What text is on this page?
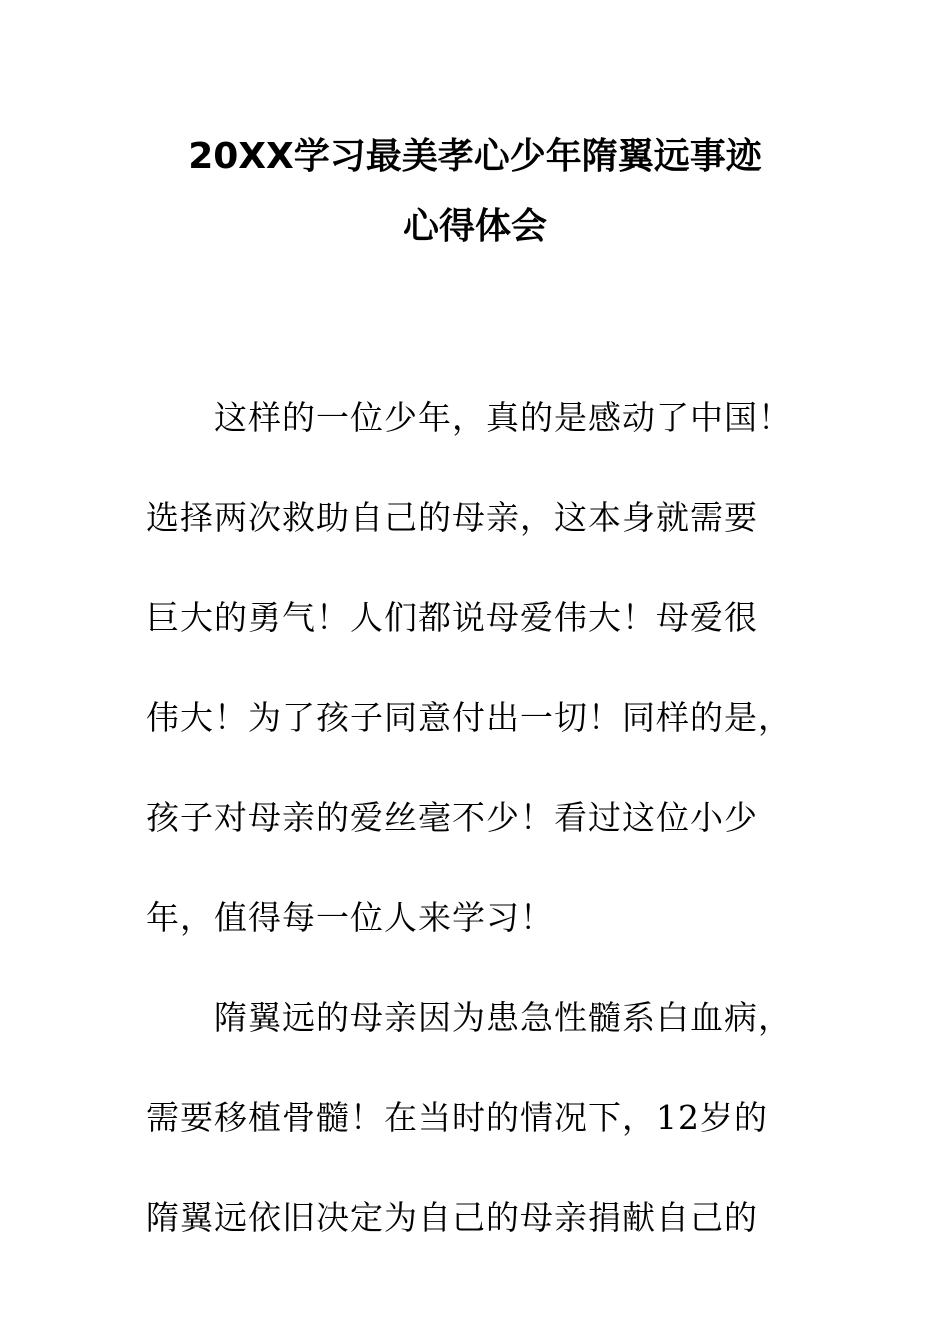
20XX学习最美孝心少年隋翼远事迹
心得体会
这样的一位少年，真的是感动了中国！
选择两次救助自己的母亲，这本身就需要
巨大的勇气！人们都说母爱伟大！母爱很
伟大！为了孩子同意付出一切！同样的是，
孩子对母亲的爱丝毫不少！看过这位小少
年，值得每一位人来学习！
隋翼远的母亲因为患急性髓系白血病，
需要移植骨髓！在当时的情况下，12岁的
隋翼远依旧决定为自己的母亲捐献自己的
